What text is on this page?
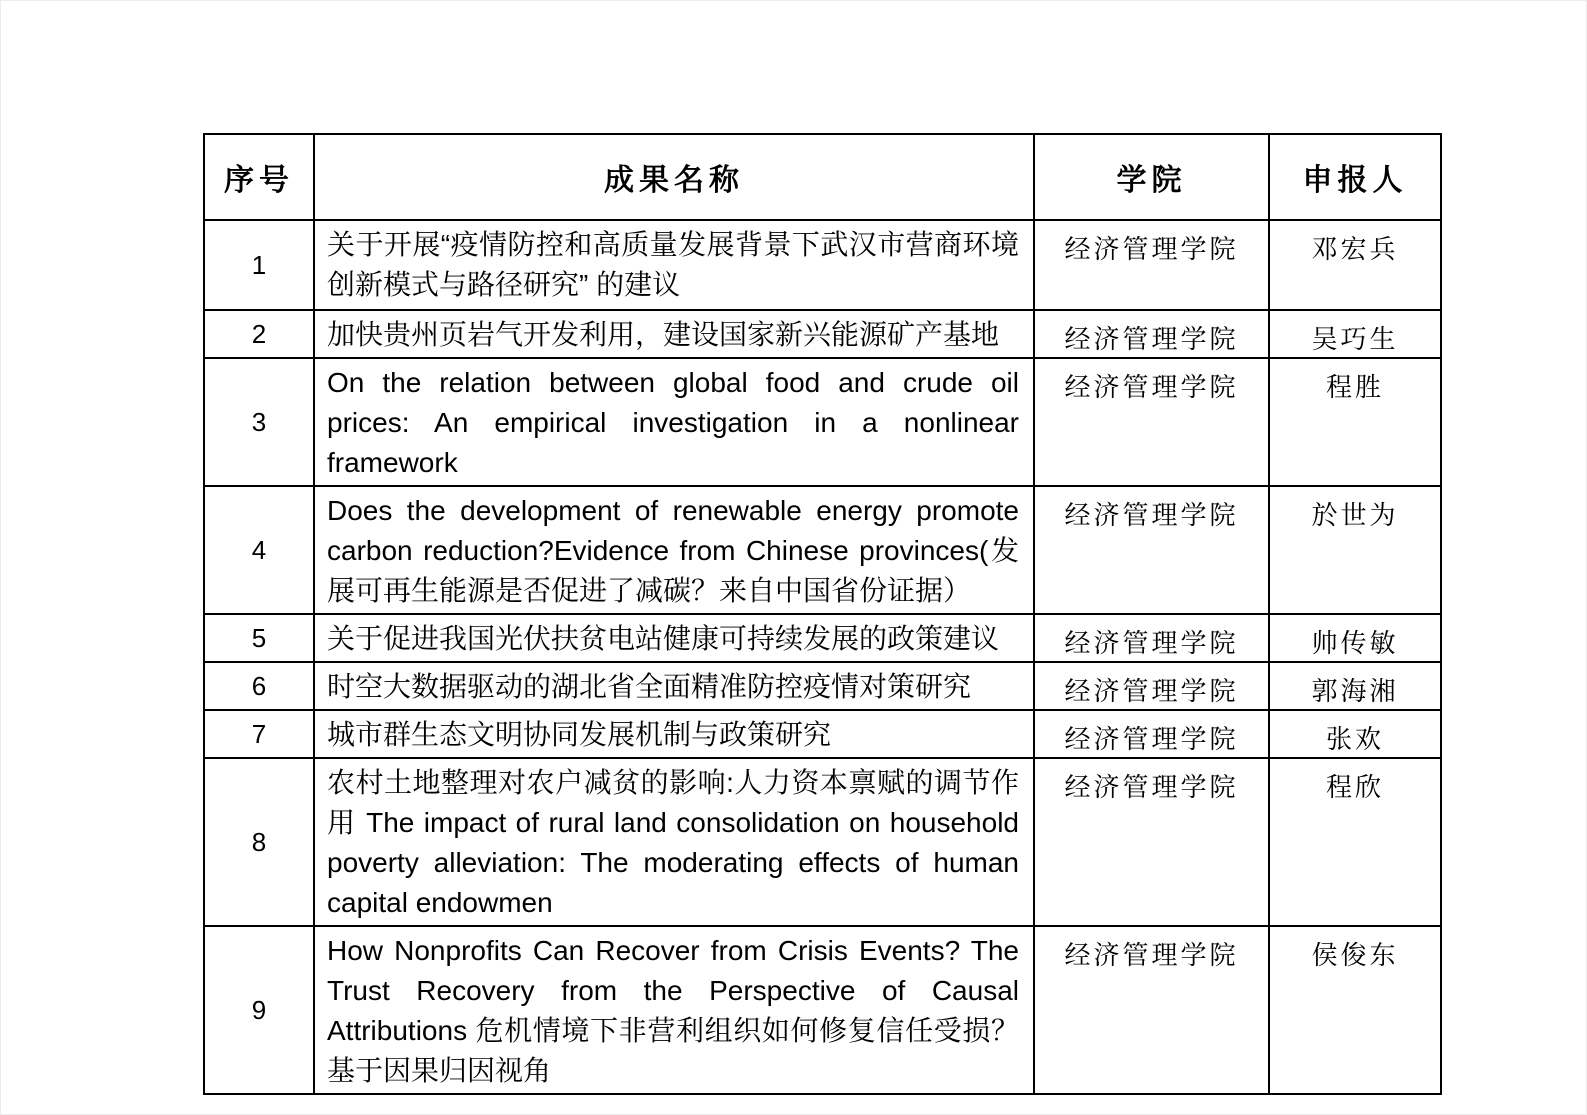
序号	成果名称	学院	申报人
1	关于开展“疫情防控和高质量发展背景下武汉市营商环境创新模式与路径研究” 的建议	经济管理学院	邓宏兵
2	加快贵州页岩气开发利用，建设国家新兴能源矿产基地	经济管理学院	吴巧生
3	On the relation between global food and crude oil prices: An empirical investigation in a nonlinear framework	经济管理学院	程胜
4	Does the development of renewable energy promote carbon reduction?Evidence from Chinese provinces(发展可再生能源是否促进了减碳？来自中国省份证据）	经济管理学院	於世为
5	关于促进我国光伏扶贫电站健康可持续发展的政策建议	经济管理学院	帅传敏
6	时空大数据驱动的湖北省全面精准防控疫情对策研究	经济管理学院	郭海湘
7	城市群生态文明协同发展机制与政策研究	经济管理学院	张欢
8	农村土地整理对农户减贫的影响:人力资本禀赋的调节作用 The impact of rural land consolidation on household poverty alleviation: The moderating effects of human capital endowmen	经济管理学院	程欣
9	How Nonprofits Can Recover from Crisis Events? The Trust Recovery from the Perspective of Causal Attributions 危机情境下非营利组织如何修复信任受损？基于因果归因视角	经济管理学院	侯俊东
